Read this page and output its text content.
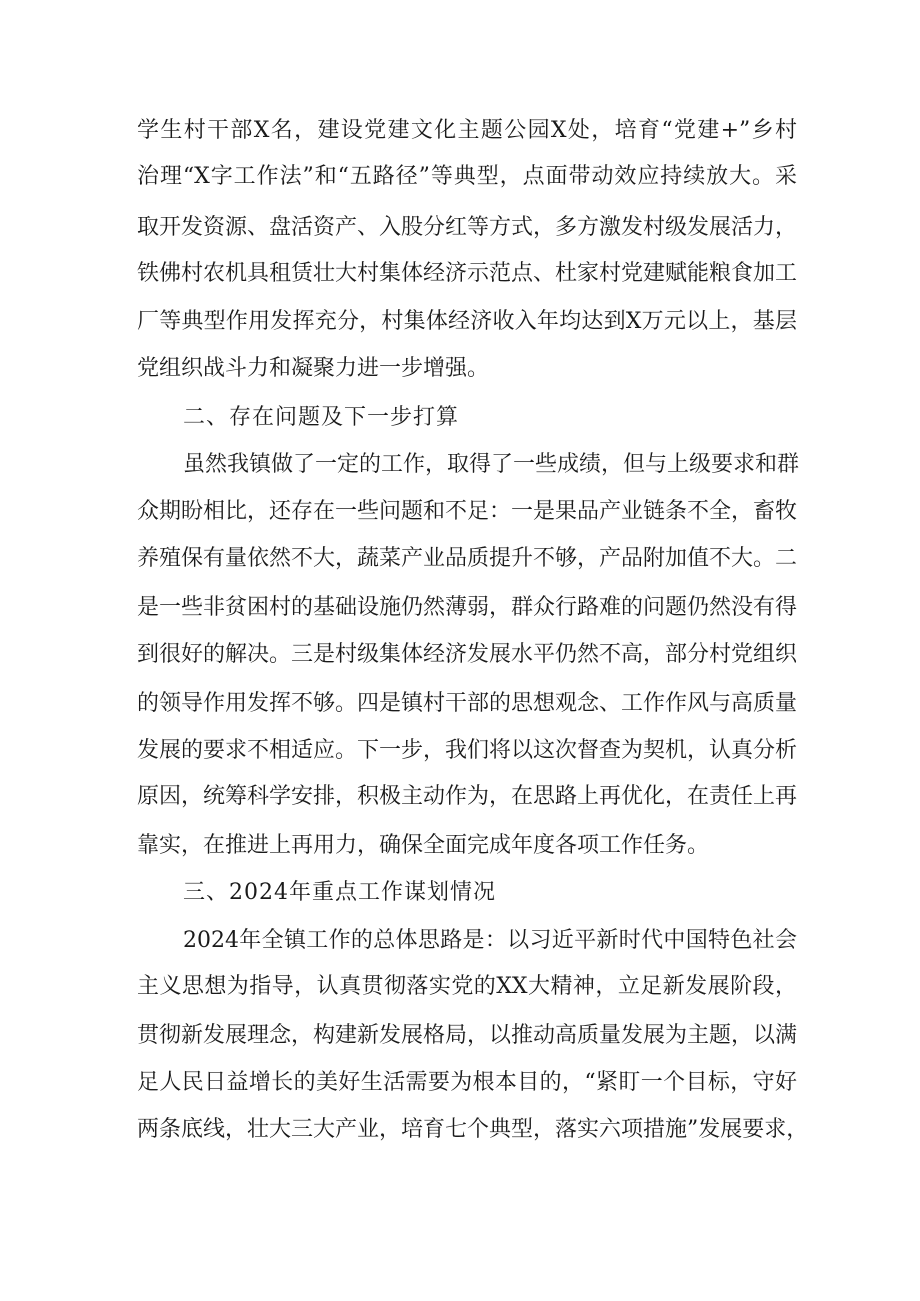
学生村干部X名，建设党建文化主题公园X处，培育“党建+”乡村
治理“X字工作法”和“五路径”等典型，点面带动效应持续放大。采
取开发资源、盘活资产、入股分红等方式，多方激发村级发展活力，
铁佛村农机具租赁壮大村集体经济示范点、杜家村党建赋能粮食加工
厂等典型作用发挥充分，村集体经济收入年均达到X万元以上，基层
党组织战斗力和凝聚力进一步增强。
二、存在问题及下一步打算
虽然我镇做了一定的工作，取得了一些成绩，但与上级要求和群
众期盼相比，还存在一些问题和不足：一是果品产业链条不全，畜牧
养殖保有量依然不大，蔬菜产业品质提升不够，产品附加值不大。二
是一些非贫困村的基础设施仍然薄弱，群众行路难的问题仍然没有得
到很好的解决。三是村级集体经济发展水平仍然不高，部分村党组织
的领导作用发挥不够。四是镇村干部的思想观念、工作作风与高质量
发展的要求不相适应。下一步，我们将以这次督查为契机，认真分析
原因，统筹科学安排，积极主动作为，在思路上再优化，在责任上再
靠实，在推进上再用力，确保全面完成年度各项工作任务。
三、2024年重点工作谋划情况
2024年全镇工作的总体思路是：以习近平新时代中国特色社会
主义思想为指导，认真贯彻落实党的XX大精神，立足新发展阶段，
贯彻新发展理念，构建新发展格局，以推动高质量发展为主题，以满
足人民日益增长的美好生活需要为根本目的，“紧盯一个目标，守好
两条底线，壮大三大产业，培育七个典型，落实六项措施”发展要求，
